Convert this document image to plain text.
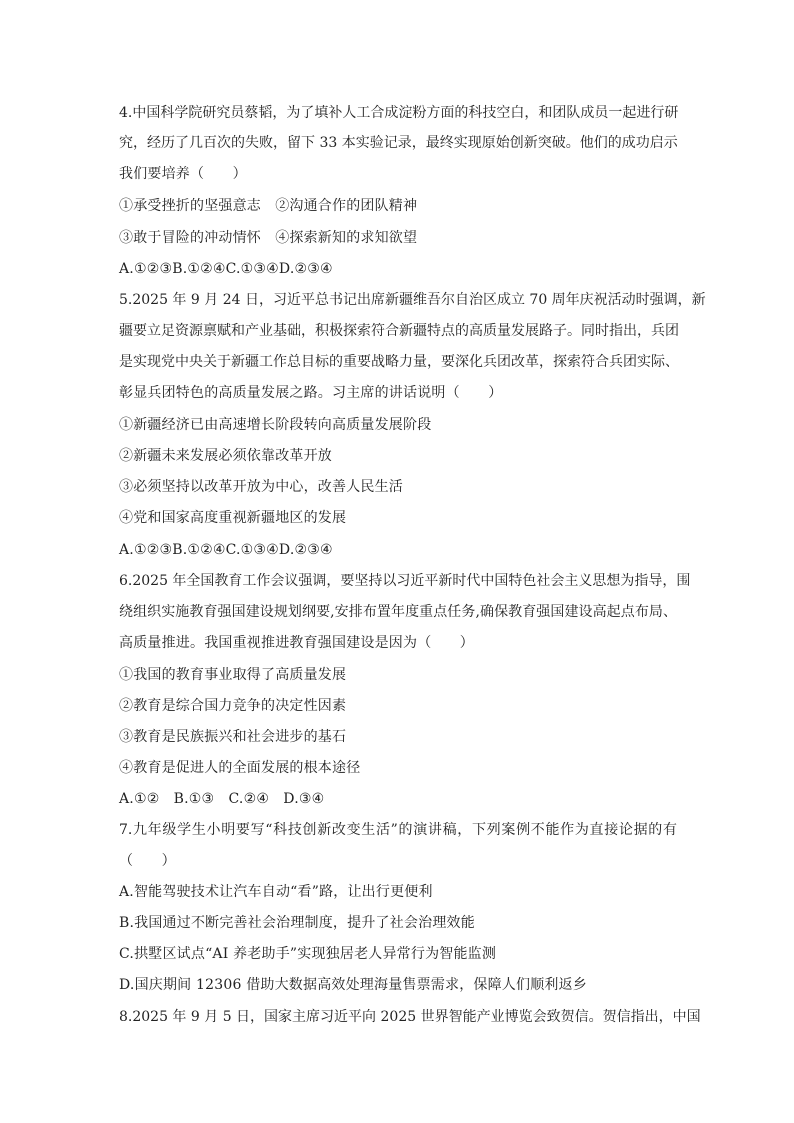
4.中国科学院研究员蔡韬，为了填补人工合成淀粉方面的科技空白，和团队成员一起进行研
究，经历了几百次的失败，留下 33 本实验记录，最终实现原始创新突破。他们的成功启示
我们要培养（　　）
①承受挫折的坚强意志　②沟通合作的团队精神
③敢于冒险的冲动情怀　④探索新知的求知欲望
A.①②③B.①②④C.①③④D.②③④
5.2025 年 9 月 24 日，习近平总书记出席新疆维吾尔自治区成立 70 周年庆祝活动时强调，新
疆要立足资源禀赋和产业基础，积极探索符合新疆特点的高质量发展路子。同时指出，兵团
是实现党中央关于新疆工作总目标的重要战略力量，要深化兵团改革，探索符合兵团实际、
彰显兵团特色的高质量发展之路。习主席的讲话说明（　　）
①新疆经济已由高速增长阶段转向高质量发展阶段
②新疆未来发展必须依靠改革开放
③必须坚持以改革开放为中心，改善人民生活
④党和国家高度重视新疆地区的发展
A.①②③B.①②④C.①③④D.②③④
6.2025 年全国教育工作会议强调，要坚持以习近平新时代中国特色社会主义思想为指导，围
绕组织实施教育强国建设规划纲要,安排布置年度重点任务,确保教育强国建设高起点布局、
高质量推进。我国重视推进教育强国建设是因为（　　）
①我国的教育事业取得了高质量发展
②教育是综合国力竞争的决定性因素
③教育是民族振兴和社会进步的基石
④教育是促进人的全面发展的根本途径
A.①②　B.①③　C.②④　D.③④
7.九年级学生小明要写“科技创新改变生活”的演讲稿，下列案例不能作为直接论据的有
（　　）
A.智能驾驶技术让汽车自动“看”路，让出行更便利
B.我国通过不断完善社会治理制度，提升了社会治理效能
C.拱墅区试点“AI 养老助手”实现独居老人异常行为智能监测
D.国庆期间 12306 借助大数据高效处理海量售票需求，保障人们顺利返乡
8.2025 年 9 月 5 日，国家主席习近平向 2025 世界智能产业博览会致贺信。贺信指出，中国
